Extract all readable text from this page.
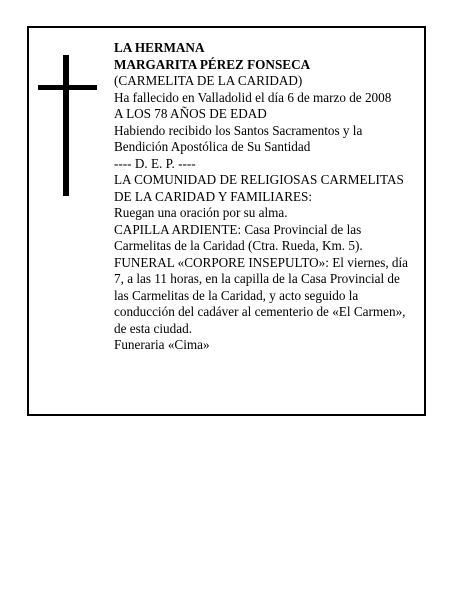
LA HERMANA
MARGARITA PÉREZ FONSECA
(CARMELITA DE LA CARIDAD)
Ha fallecido en Valladolid el día 6 de marzo de 2008
A LOS 78 AÑOS DE EDAD
Habiendo recibido los Santos Sacramentos y la
Bendición Apostólica de Su Santidad
---- D. E. P. ----
LA COMUNIDAD DE RELIGIOSAS CARMELITAS
DE LA CARIDAD Y FAMILIARES:
Ruegan una oración por su alma.
CAPILLA ARDIENTE: Casa Provincial de las
Carmelitas de la Caridad (Ctra. Rueda, Km. 5).
FUNERAL «CORPORE INSEPULTO»: El viernes, día
7, a las 11 horas, en la capilla de la Casa Provincial de
las Carmelitas de la Caridad, y acto seguido la
conducción del cadáver al cementerio de «El Carmen»,
de esta ciudad.
Funeraria «Cima»
